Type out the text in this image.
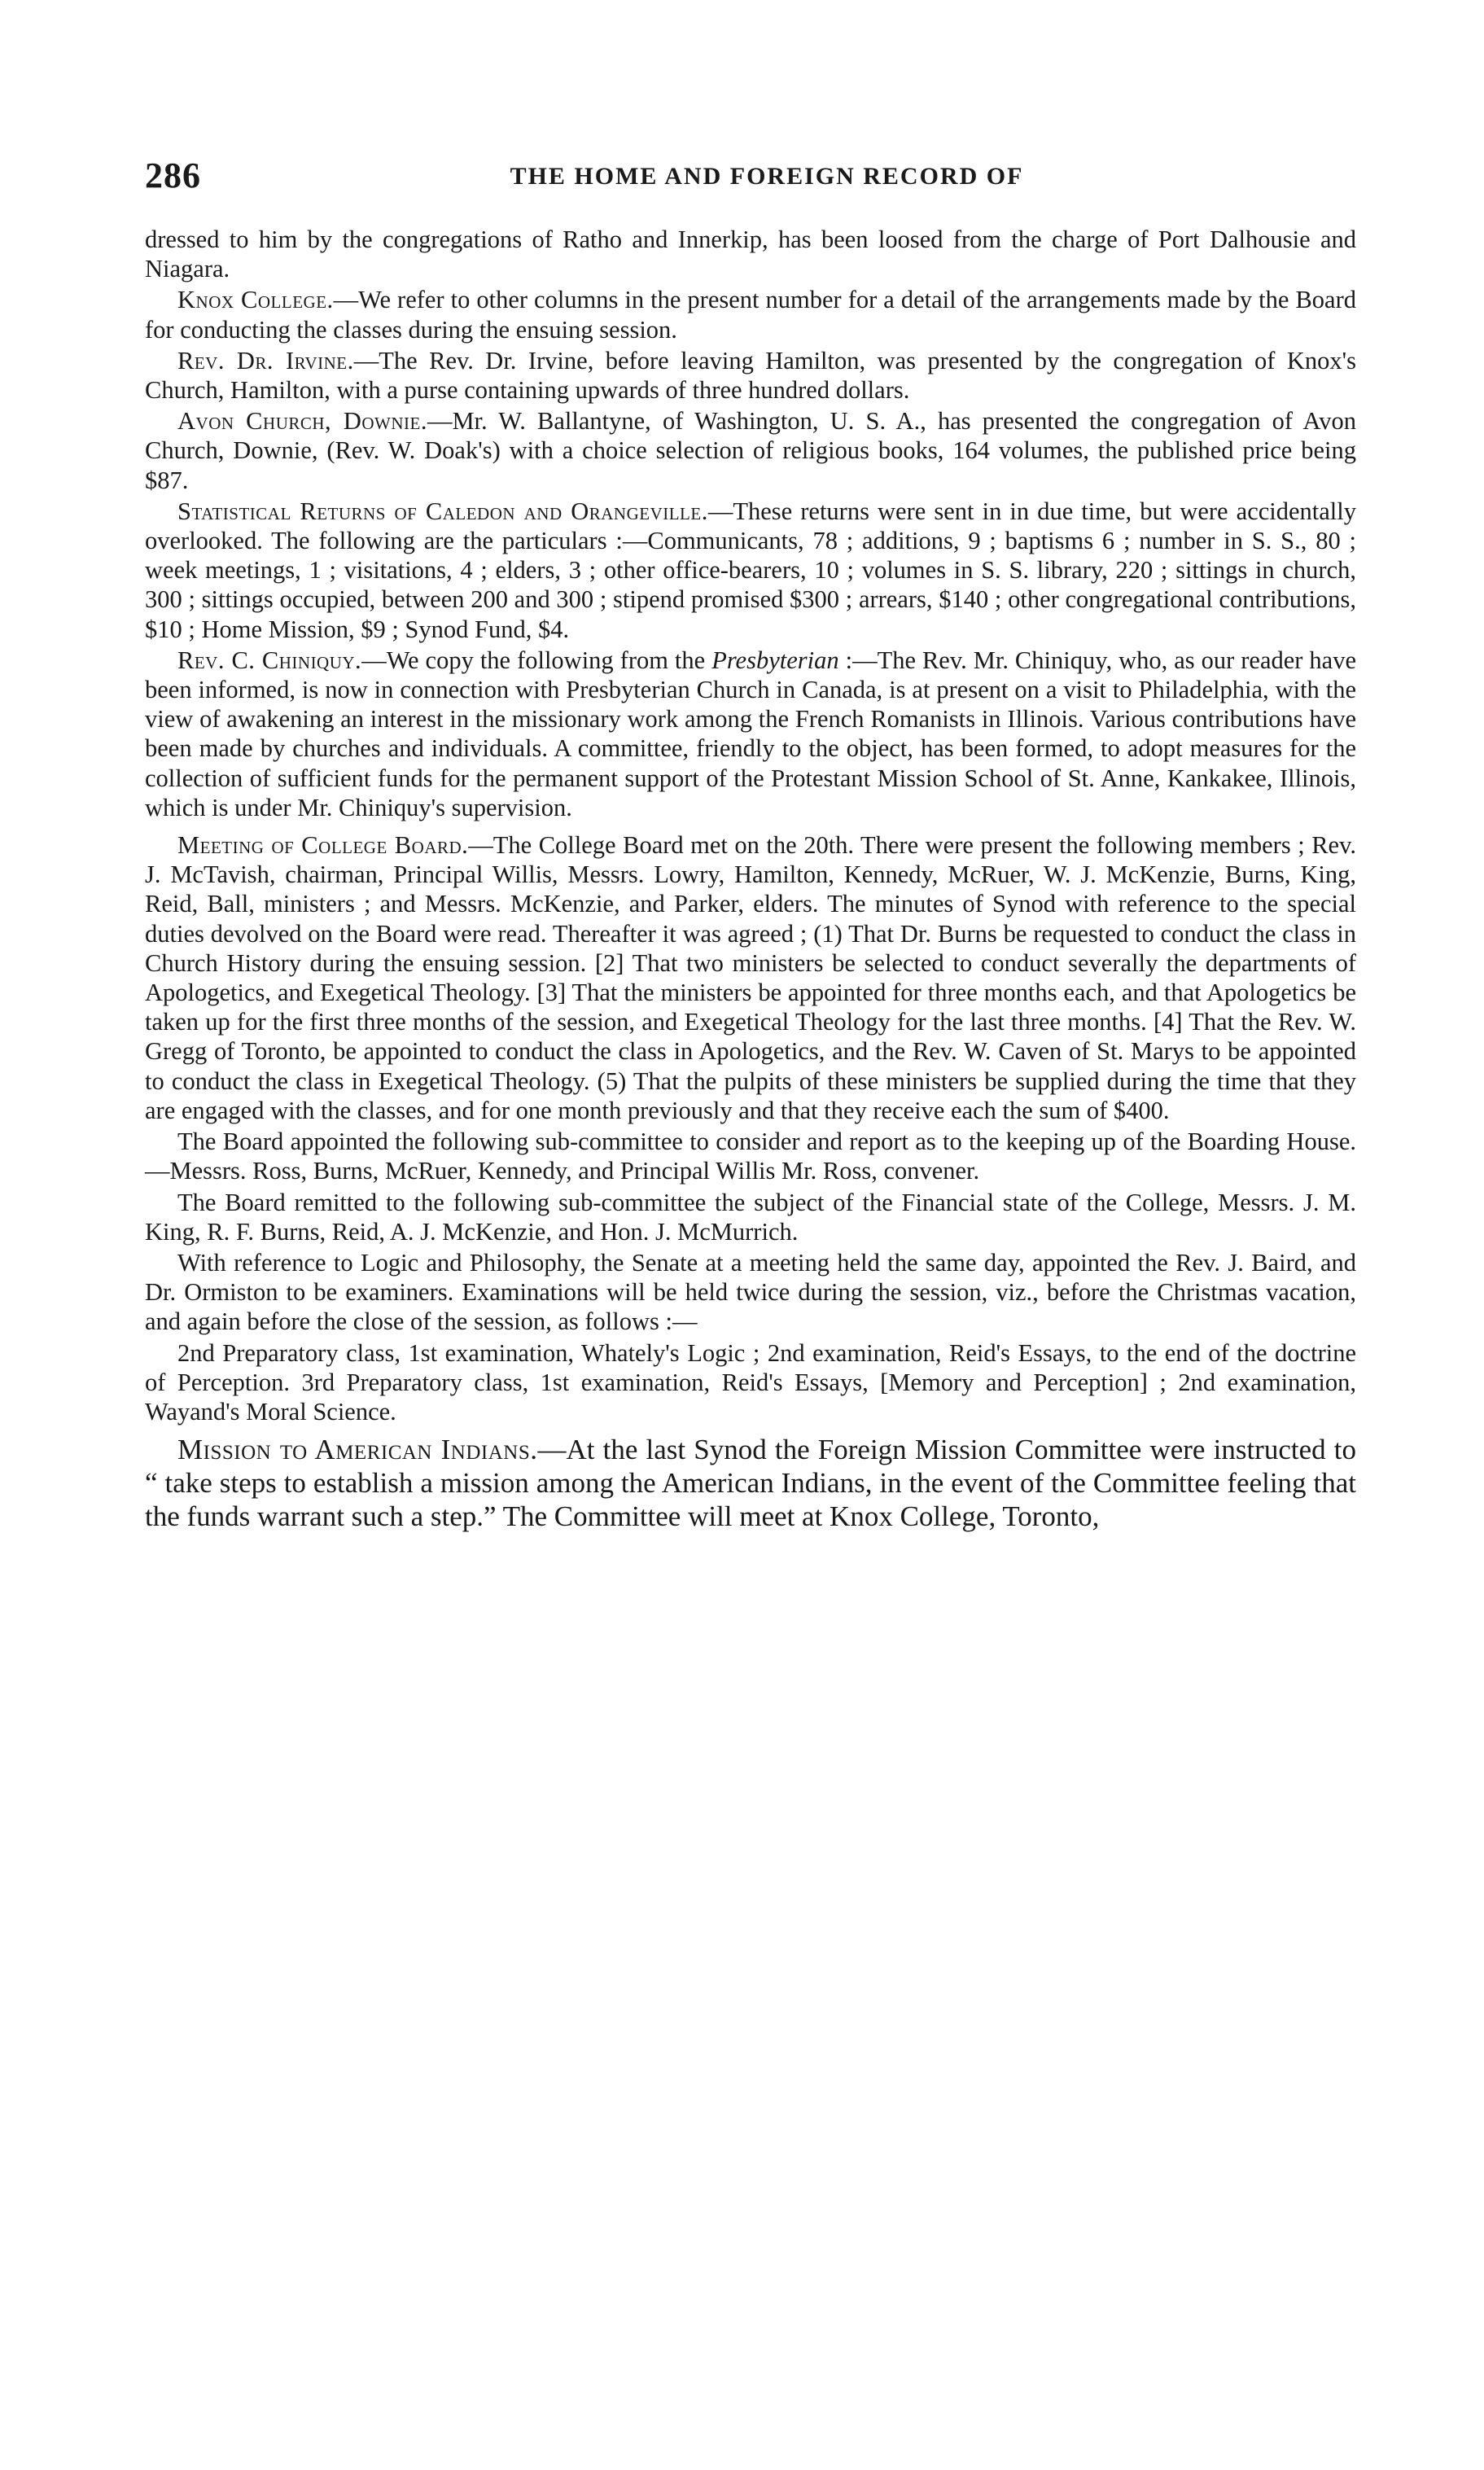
286	THE HOME AND FOREIGN RECORD OF

dressed to him by the congregations of Ratho and Innerkip, has been loosed from the charge of Port Dalhousie and Niagara.

Knox College.—We refer to other columns in the present number for a detail of the arrangements made by the Board for conducting the classes during the ensuing session.

Rev. Dr. Irvine.—The Rev. Dr. Irvine, before leaving Hamilton, was presented by the congregation of Knox's Church, Hamilton, with a purse containing upwards of three hundred dollars.

Avon Church, Downie.—Mr. W. Ballantyne, of Washington, U. S. A., has presented the congregation of Avon Church, Downie, (Rev. W. Doak's) with a choice selection of religious books, 164 volumes, the published price being $87.

Statistical Returns of Caledon and Orangeville.—These returns were sent in in due time, but were accidentally overlooked. The following are the particulars :—Communicants, 78 ; additions, 9 ; baptisms 6 ; number in S. S., 80 ; week meetings, 1 ; visitations, 4 ; elders, 3 ; other office-bearers, 10 ; volumes in S. S. library, 220 ; sittings in church, 300 ; sittings occupied, between 200 and 300 ; stipend promised $300 ; arrears, $140 ; other congregational contributions, $10 ; Home Mission, $9 ; Synod Fund, $4.

Rev. C. Chiniquy.—We copy the following from the Presbyterian :—The Rev. Mr. Chiniquy, who, as our reader have been informed, is now in connection with Presbyterian Church in Canada, is at present on a visit to Philadelphia, with the view of awakening an interest in the missionary work among the French Romanists in Illinois. Various contributions have been made by churches and individuals. A committee, friendly to the object, has been formed, to adopt measures for the collection of sufficient funds for the permanent support of the Protestant Mission School of St. Anne, Kankakee, Illinois, which is under Mr. Chiniquy's supervision.

Meeting of College Board.—The College Board met on the 20th. There were present the following members ; Rev. J. McTavish, chairman, Principal Willis, Messrs. Lowry, Hamilton, Kennedy, McRuer, W. J. McKenzie, Burns, King, Reid, Ball, ministers ; and Messrs. McKenzie, and Parker, elders. The minutes of Synod with reference to the special duties devolved on the Board were read. Thereafter it was agreed ; (1) That Dr. Burns be requested to conduct the class in Church History during the ensuing session. [2] That two ministers be selected to conduct severally the departments of Apologetics, and Exegetical Theology. [3] That the ministers be appointed for three months each, and that Apologetics be taken up for the first three months of the session, and Exegetical Theology for the last three months. [4] That the Rev. W. Gregg of Toronto, be appointed to conduct the class in Apologetics, and the Rev. W. Caven of St. Marys to be appointed to conduct the class in Exegetical Theology. (5) That the pulpits of these ministers be supplied during the time that they are engaged with the classes, and for one month previously and that they receive each the sum of $400.

The Board appointed the following sub-committee to consider and report as to the keeping up of the Boarding House.—Messrs. Ross, Burns, McRuer, Kennedy, and Principal Willis Mr. Ross, convener.

The Board remitted to the following sub-committee the subject of the Financial state of the College, Messrs. J. M. King, R. F. Burns, Reid, A. J. McKenzie, and Hon. J. McMurrich.

With reference to Logic and Philosophy, the Senate at a meeting held the same day, appointed the Rev. J. Baird, and Dr. Ormiston to be examiners. Examinations will be held twice during the session, viz., before the Christmas vacation, and again before the close of the session, as follows :—

2nd Preparatory class, 1st examination, Whately's Logic ; 2nd examination, Reid's Essays, to the end of the doctrine of Perception. 3rd Preparatory class, 1st examination, Reid's Essays, [Memory and Perception] ; 2nd examination, Wayand's Moral Science.

Mission to American Indians.—At the last Synod the Foreign Mission Committee were instructed to “ take steps to establish a mission among the American Indians, in the event of the Committee feeling that the funds warrant such a step.” The Committee will meet at Knox College, Toronto,
